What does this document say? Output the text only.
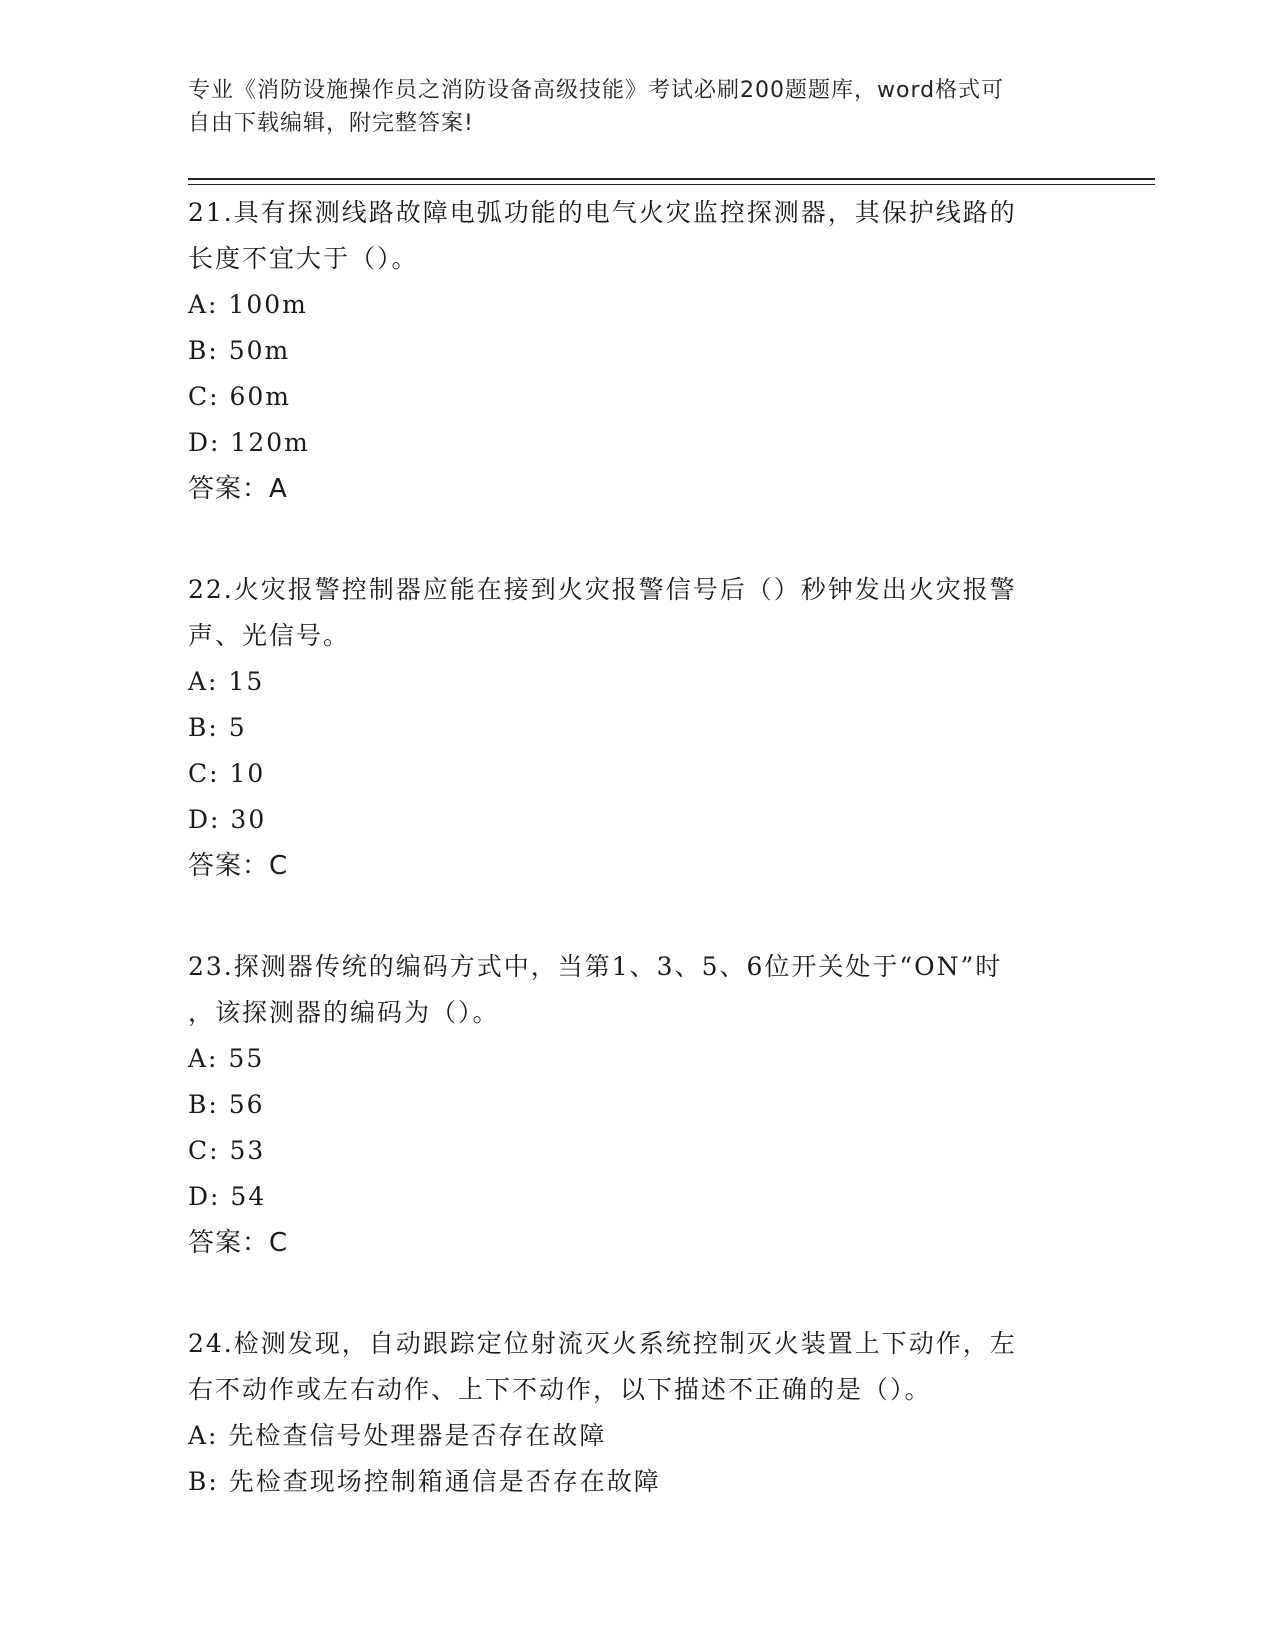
专业《消防设施操作员之消防设备高级技能》考试必刷200题题库，word格式可
自由下载编辑，附完整答案!

21.具有探测线路故障电弧功能的电气火灾监控探测器，其保护线路的

长度不宜大于（）。

A: 100m

B: 50m

C: 60m

D: 120m

答案：A

22.火灾报警控制器应能在接到火灾报警信号后（）秒钟发出火灾报警

声、光信号。

A: 15

B: 5

C: 10

D: 30

答案：C

23.探测器传统的编码方式中，当第1、3、5、6位开关处于“ON”时

，该探测器的编码为（）。

A: 55

B: 56

C: 53

D: 54

答案：C

24.检测发现，自动跟踪定位射流灭火系统控制灭火装置上下动作，左

右不动作或左右动作、上下不动作，以下描述不正确的是（）。

A: 先检查信号处理器是否存在故障

B: 先检查现场控制箱通信是否存在故障
